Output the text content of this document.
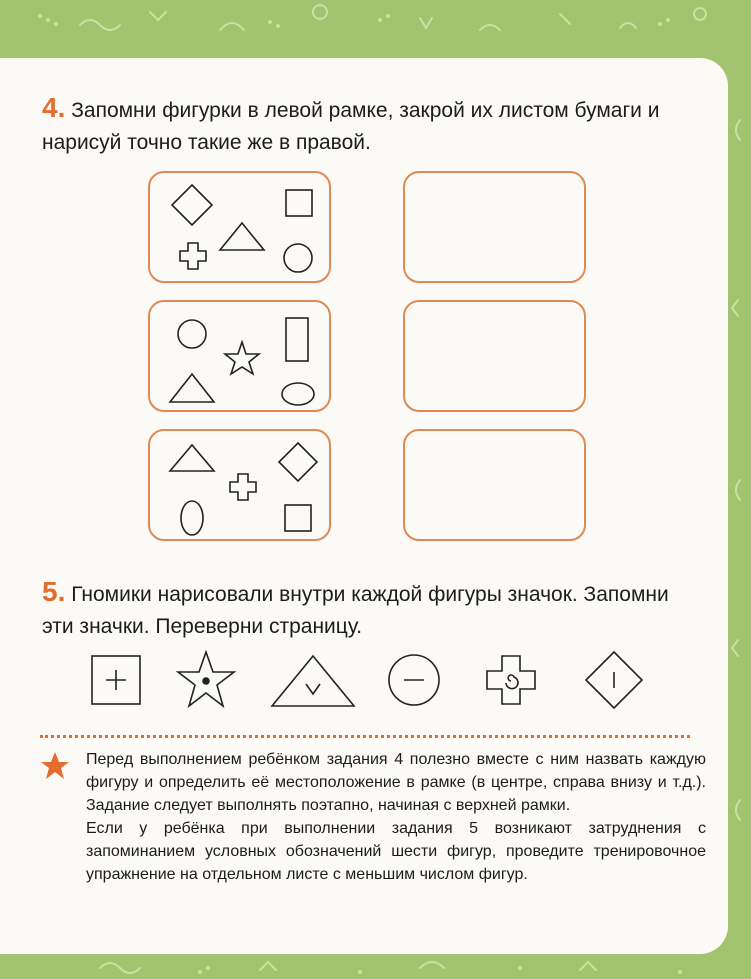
4. Запомни фигурки в левой рамке, закрой их листом бумаги и нарисуй точно такие же в правой.
5. Гномики нарисовали внутри каждой фигуры значок. Запомни эти значки. Переверни страницу.

Перед выполнением ребёнком задания 4 полезно вместе с ним назвать каждую фигуру и определить её местоположение в рамке (в центре, справа внизу и т.д.). Задание следует выполнять поэтапно, начиная с верхней рамки.

Если у ребёнка при выполнении задания 5 возникают затруднения с запоминанием условных обозначений шести фигур, проведите тренировочное упражнение на отдельном листе с меньшим числом фигур.
